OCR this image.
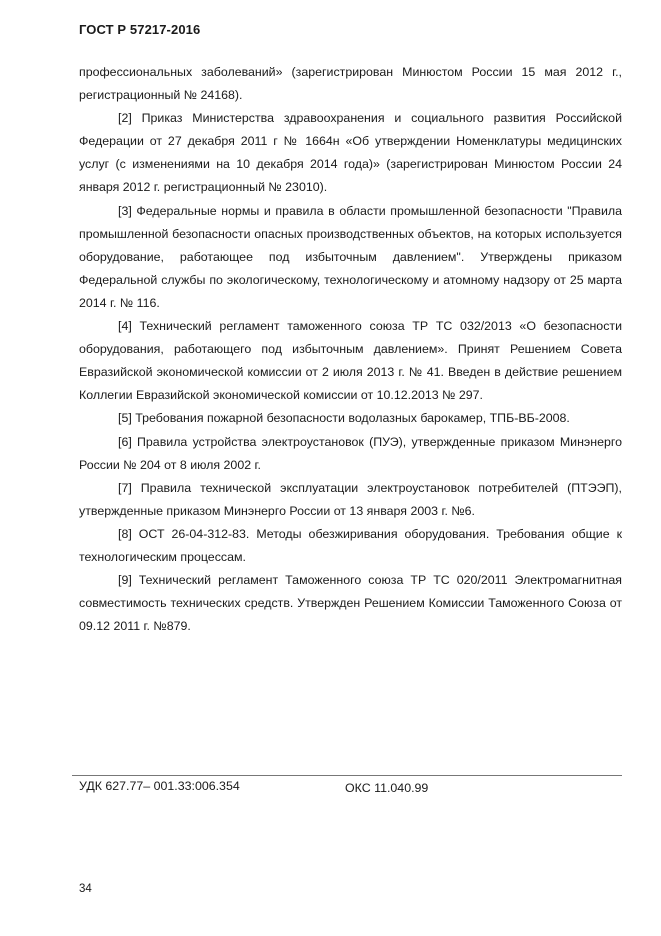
ГОСТ Р 57217-2016

профессиональных заболеваний» (зарегистрирован Минюстом России 15 мая 2012 г., регистрационный № 24168).

[2] Приказ Министерства здравоохранения и социального развития Российской Федерации от 27 декабря 2011 г № 1664н «Об утверждении Номенклатуры медицинских услуг (с изменениями на 10 декабря 2014 года)» (зарегистрирован Минюстом России 24 января 2012 г. регистрационный № 23010).

[3] Федеральные нормы и правила в области промышленной безопасности "Правила промышленной безопасности опасных производственных объектов, на которых используется оборудование, работающее под избыточным давлением". Утверждены приказом Федеральной службы по экологическому, технологическому и атомному надзору от 25 марта 2014 г. № 116.

[4] Технический регламент таможенного союза ТР ТС 032/2013 «О безопасности оборудования, работающего под избыточным давлением». Принят Решением Совета Евразийской экономической комиссии от 2 июля 2013 г. № 41. Введен в действие решением Коллегии Евразийской экономической комиссии от 10.12.2013 № 297.

[5] Требования пожарной безопасности водолазных барокамер, ТПБ-ВБ-2008.

[6] Правила устройства электроустановок (ПУЭ), утвержденные приказом Минэнерго России № 204 от 8 июля 2002 г.

[7] Правила технической эксплуатации электроустановок потребителей (ПТЭЭП), утвержденные приказом Минэнерго России от 13 января 2003 г. №6.

[8] ОСТ 26-04-312-83. Методы обезжиривания оборудования. Требования общие к технологическим процессам.

[9] Технический регламент Таможенного союза ТР ТС 020/2011 Электромагнитная совместимость технических средств. Утвержден Решением Комиссии Таможенного Союза от 09.12 2011 г. №879.

УДК 627.77– 001.33:006.354	ОКС 11.040.99
34
